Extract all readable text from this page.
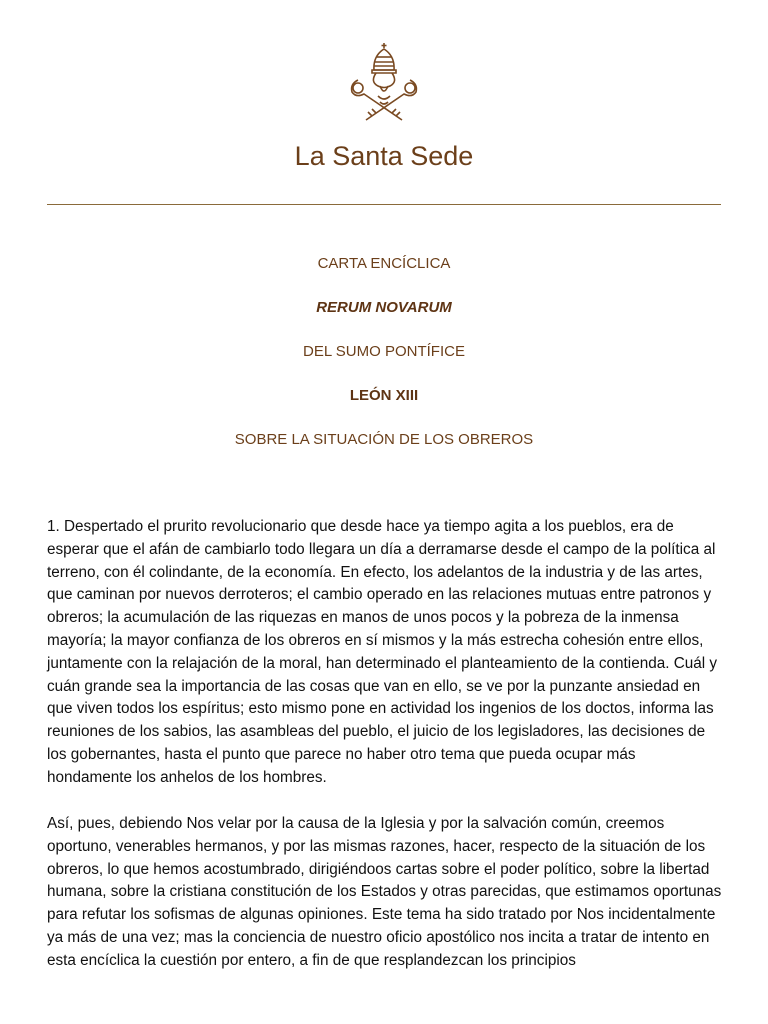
La Santa Sede
CARTA ENCÍCLICA
RERUM NOVARUM
DEL SUMO PONTÍFICE
LEÓN XIII
SOBRE LA SITUACIÓN DE LOS OBREROS

1. Despertado el prurito revolucionario que desde hace ya tiempo agita a los pueblos, era de esperar que el afán de cambiarlo todo llegara un día a derramarse desde el campo de la política al terreno, con él colindante, de la economía. En efecto, los adelantos de la industria y de las artes, que caminan por nuevos derroteros; el cambio operado en las relaciones mutuas entre patronos y obreros; la acumulación de las riquezas en manos de unos pocos y la pobreza de la inmensa mayoría; la mayor confianza de los obreros en sí mismos y la más estrecha cohesión entre ellos, juntamente con la relajación de la moral, han determinado el planteamiento de la contienda. Cuál y cuán grande sea la importancia de las cosas que van en ello, se ve por la punzante ansiedad en que viven todos los espíritus; esto mismo pone en actividad los ingenios de los doctos, informa las reuniones de los sabios, las asambleas del pueblo, el juicio de los legisladores, las decisiones de los gobernantes, hasta el punto que parece no haber otro tema que pueda ocupar más hondamente los anhelos de los hombres.

Así, pues, debiendo Nos velar por la causa de la Iglesia y por la salvación común, creemos oportuno, venerables hermanos, y por las mismas razones, hacer, respecto de la situación de los obreros, lo que hemos acostumbrado, dirigiéndoos cartas sobre el poder político, sobre la libertad humana, sobre la cristiana constitución de los Estados y otras parecidas, que estimamos oportunas para refutar los sofismas de algunas opiniones. Este tema ha sido tratado por Nos incidentalmente ya más de una vez; mas la conciencia de nuestro oficio apostólico nos incita a tratar de intento en esta encíclica la cuestión por entero, a fin de que resplandezcan los principios
